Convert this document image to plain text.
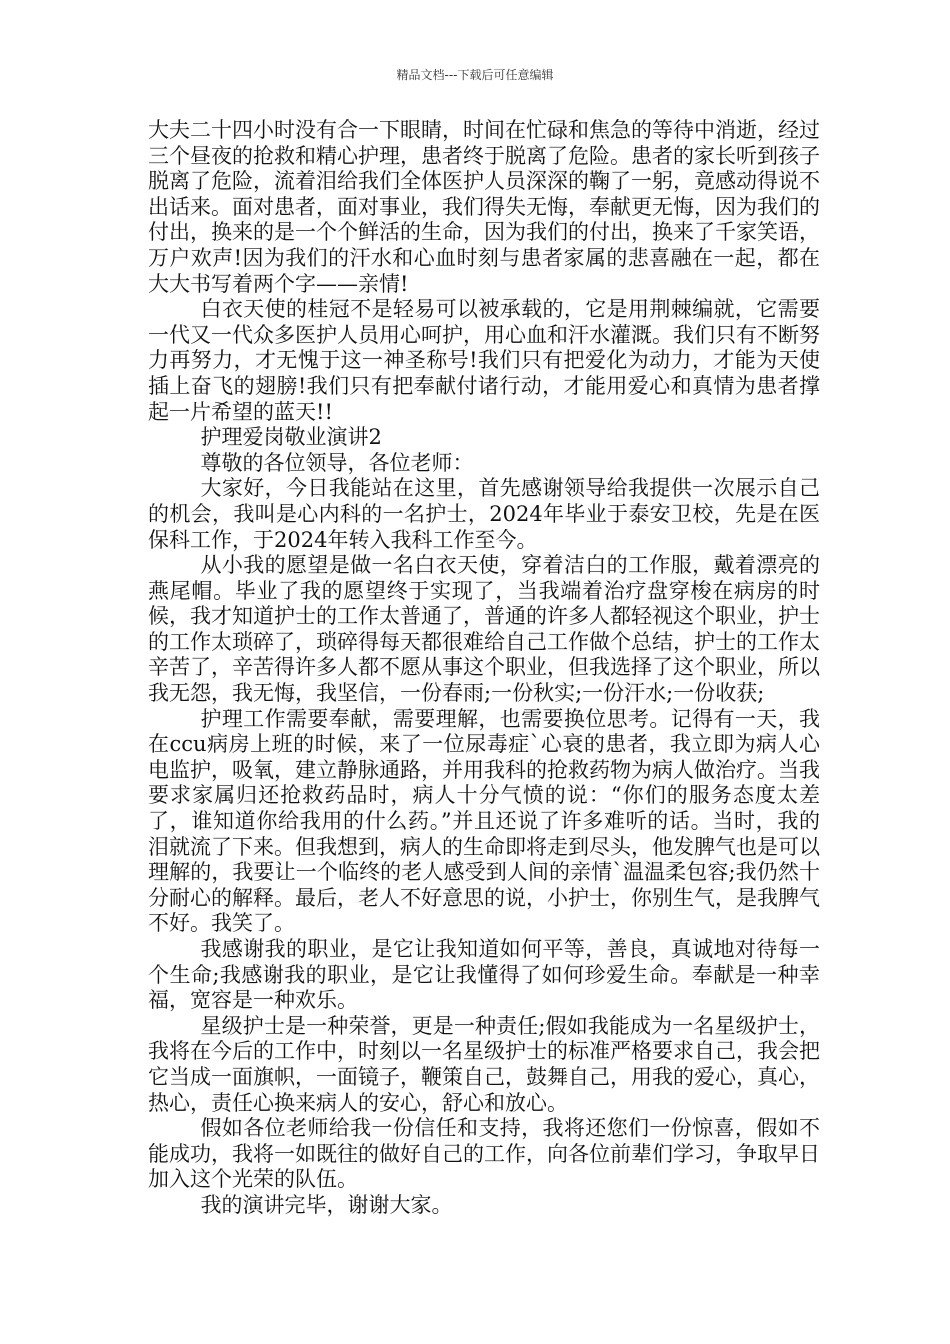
精品文档---下载后可任意编辑

大夫二十四小时没有合一下眼睛，时间在忙碌和焦急的等待中消逝，经过三个昼夜的抢救和精心护理，患者终于脱离了危险。患者的家长听到孩子脱离了危险，流着泪给我们全体医护人员深深的鞠了一躬，竟感动得说不出话来。面对患者，面对事业，我们得失无悔，奉献更无悔，因为我们的付出，换来的是一个个鲜活的生命，因为我们的付出，换来了千家笑语，万户欢声!因为我们的汗水和心血时刻与患者家属的悲喜融在一起，都在大大书写着两个字——亲情!

白衣天使的桂冠不是轻易可以被承载的，它是用荆棘编就，它需要一代又一代众多医护人员用心呵护，用心血和汗水灌溉。我们只有不断努力再努力，才无愧于这一神圣称号!我们只有把爱化为动力，才能为天使插上奋飞的翅膀!我们只有把奉献付诸行动，才能用爱心和真情为患者撑起一片希望的蓝天!!

护理爱岗敬业演讲2

尊敬的各位领导，各位老师：

大家好，今日我能站在这里，首先感谢领导给我提供一次展示自己的机会，我叫是心内科的一名护士，2024年毕业于泰安卫校，先是在医保科工作，于2024年转入我科工作至今。

从小我的愿望是做一名白衣天使，穿着洁白的工作服，戴着漂亮的燕尾帽。毕业了我的愿望终于实现了，当我端着治疗盘穿梭在病房的时候，我才知道护士的工作太普通了，普通的许多人都轻视这个职业，护士的工作太琐碎了，琐碎得每天都很难给自己工作做个总结，护士的工作太辛苦了，辛苦得许多人都不愿从事这个职业，但我选择了这个职业，所以我无怨，我无悔，我坚信，一份春雨;一份秋实;一份汗水;一份收获;

护理工作需要奉献，需要理解，也需要换位思考。记得有一天，我在ccu病房上班的时候，来了一位尿毒症`心衰的患者，我立即为病人心电监护，吸氧，建立静脉通路，并用我科的抢救药物为病人做治疗。当我要求家属归还抢救药品时，病人十分气愤的说：“你们的服务态度太差了，谁知道你给我用的什么药。”并且还说了许多难听的话。当时，我的泪就流了下来。但我想到，病人的生命即将走到尽头，他发脾气也是可以理解的，我要让一个临终的老人感受到人间的亲情`温温柔包容;我仍然十分耐心的解释。最后，老人不好意思的说，小护士，你别生气，是我脾气不好。我笑了。

我感谢我的职业，是它让我知道如何平等，善良，真诚地对待每一个生命;我感谢我的职业，是它让我懂得了如何珍爱生命。奉献是一种幸福，宽容是一种欢乐。

星级护士是一种荣誉，更是一种责任;假如我能成为一名星级护士，我将在今后的工作中，时刻以一名星级护士的标准严格要求自己，我会把它当成一面旗帜，一面镜子，鞭策自己，鼓舞自己，用我的爱心，真心，热心，责任心换来病人的安心，舒心和放心。

假如各位老师给我一份信任和支持，我将还您们一份惊喜，假如不能成功，我将一如既往的做好自己的工作，向各位前辈们学习，争取早日加入这个光荣的队伍。

我的演讲完毕，谢谢大家。
